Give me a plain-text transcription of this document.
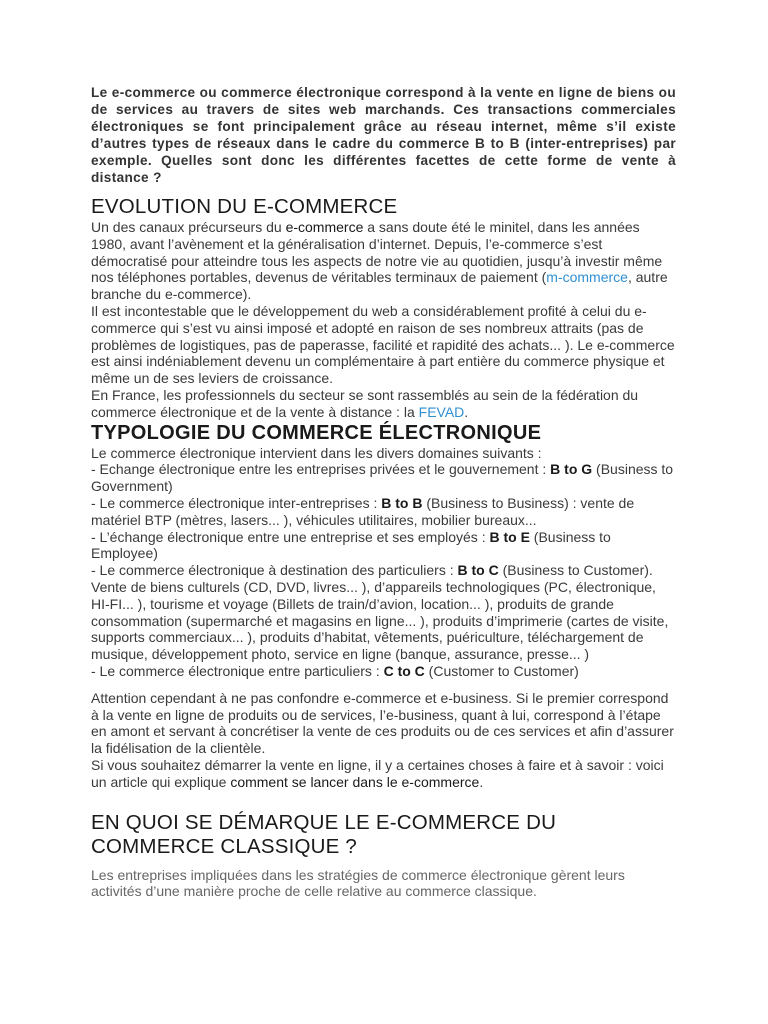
Le e-commerce ou commerce électronique correspond à la vente en ligne de biens ou de services au travers de sites web marchands. Ces transactions commerciales électroniques se font principalement grâce au réseau internet, même s’il existe d’autres types de réseaux dans le cadre du commerce B to B (inter-entreprises) par exemple. Quelles sont donc les différentes facettes de cette forme de vente à distance ?

EVOLUTION DU E-COMMERCE

Un des canaux précurseurs du e-commerce a sans doute été le minitel, dans les années 1980, avant l’avènement et la généralisation d’internet. Depuis, l’e-commerce s’est démocratisé pour atteindre tous les aspects de notre vie au quotidien, jusqu’à investir même nos téléphones portables, devenus de véritables terminaux de paiement (m-commerce, autre branche du e-commerce).

Il est incontestable que le développement du web a considérablement profité à celui du e-commerce qui s’est vu ainsi imposé et adopté en raison de ses nombreux attraits (pas de problèmes de logistiques, pas de paperasse, facilité et rapidité des achats... ). Le e-commerce est ainsi indéniablement devenu un complémentaire à part entière du commerce physique et même un de ses leviers de croissance.

En France, les professionnels du secteur se sont rassemblés au sein de la fédération du commerce électronique et de la vente à distance : la FEVAD.

TYPOLOGIE DU COMMERCE ÉLECTRONIQUE

Le commerce électronique intervient dans les divers domaines suivants :

- Echange électronique entre les entreprises privées et le gouvernement : B to G (Business to Government)

- Le commerce électronique inter-entreprises : B to B (Business to Business) : vente de matériel BTP (mètres, lasers... ), véhicules utilitaires, mobilier bureaux...

- L’échange électronique entre une entreprise et ses employés : B to E (Business to Employee)

- Le commerce électronique à destination des particuliers : B to C (Business to Customer). Vente de biens culturels (CD, DVD, livres... ), d’appareils technologiques (PC, électronique, HI-FI... ), tourisme et voyage (Billets de train/d’avion, location... ), produits de grande consommation (supermarché et magasins en ligne... ), produits d’imprimerie (cartes de visite, supports commerciaux... ), produits d’habitat, vêtements, puériculture, téléchargement de musique, développement photo, service en ligne (banque, assurance, presse... )

- Le commerce électronique entre particuliers : C to C (Customer to Customer)

Attention cependant à ne pas confondre e-commerce et e-business. Si le premier correspond à la vente en ligne de produits ou de services, l’e-business, quant à lui, correspond à l’étape en amont et servant à concrétiser la vente de ces produits ou de ces services et afin d’assurer la fidélisation de la clientèle.

Si vous souhaitez démarrer la vente en ligne, il y a certaines choses à faire et à savoir : voici un article qui explique comment se lancer dans le e-commerce.

EN QUOI SE DÉMARQUE LE E-COMMERCE DU COMMERCE CLASSIQUE ?

Les entreprises impliquées dans les stratégies de commerce électronique gèrent leurs activités d’une manière proche de celle relative au commerce classique.
